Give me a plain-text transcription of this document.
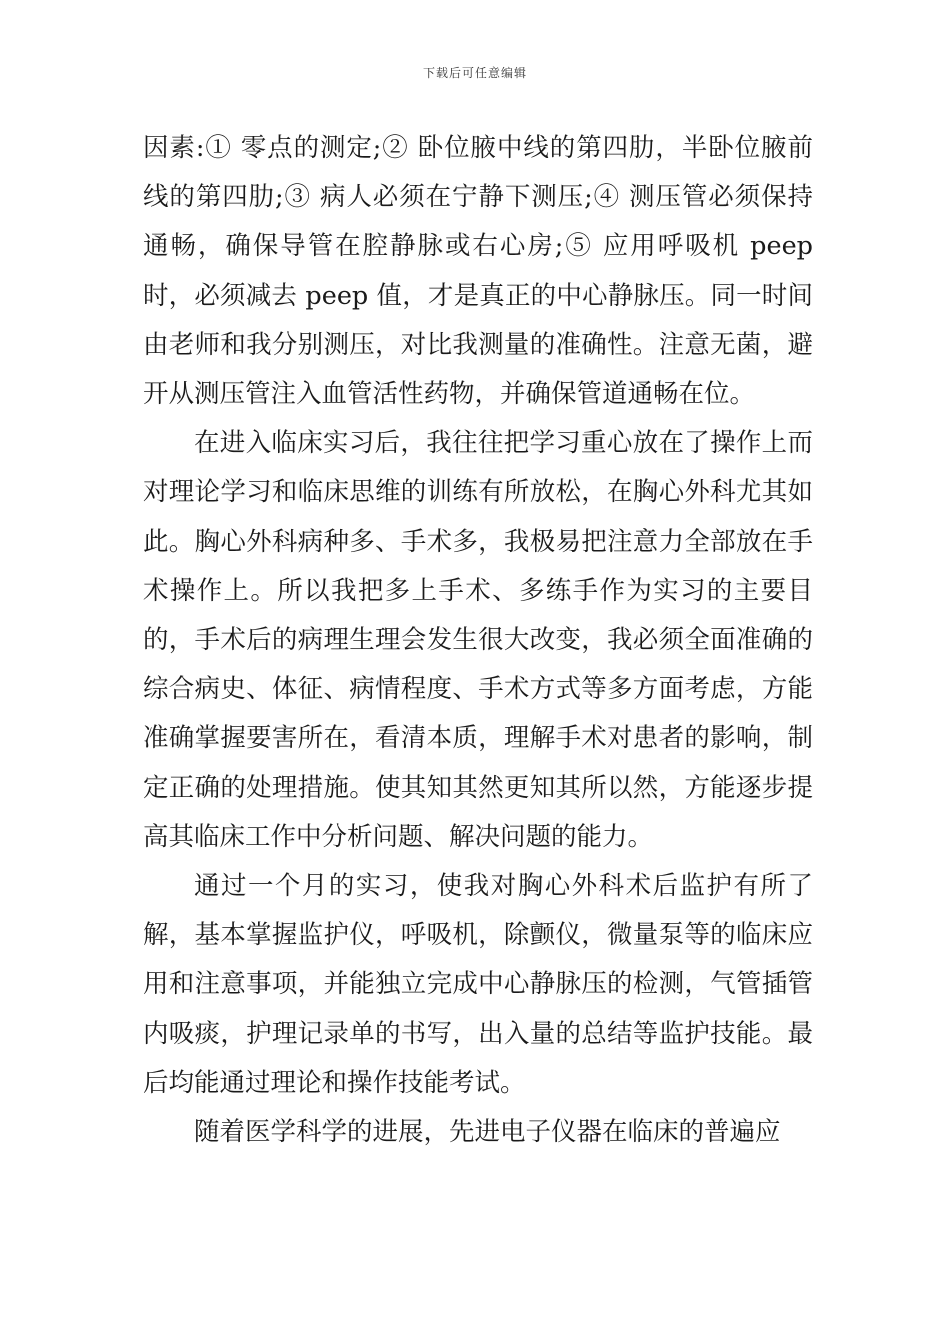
下载后可任意编辑

因素:① 零点的测定;② 卧位腋中线的第四肋，半卧位腋前线的第四肋;③ 病人必须在宁静下测压;④ 测压管必须保持通畅，确保导管在腔静脉或右心房;⑤ 应用呼吸机 peep 时，必须减去 peep 值，才是真正的中心静脉压。同一时间由老师和我分别测压，对比我测量的准确性。注意无菌，避开从测压管注入血管活性药物，并确保管道通畅在位。

在进入临床实习后，我往往把学习重心放在了操作上而对理论学习和临床思维的训练有所放松，在胸心外科尤其如此。胸心外科病种多、手术多，我极易把注意力全部放在手术操作上。所以我把多上手术、多练手作为实习的主要目的，手术后的病理生理会发生很大改变，我必须全面准确的综合病史、体征、病情程度、手术方式等多方面考虑，方能准确掌握要害所在，看清本质，理解手术对患者的影响，制定正确的处理措施。使其知其然更知其所以然，方能逐步提高其临床工作中分析问题、解决问题的能力。

通过一个月的实习，使我对胸心外科术后监护有所了解，基本掌握监护仪，呼吸机，除颤仪，微量泵等的临床应用和注意事项，并能独立完成中心静脉压的检测，气管插管内吸痰，护理记录单的书写，出入量的总结等监护技能。最后均能通过理论和操作技能考试。

随着医学科学的进展，先进电子仪器在临床的普遍应
